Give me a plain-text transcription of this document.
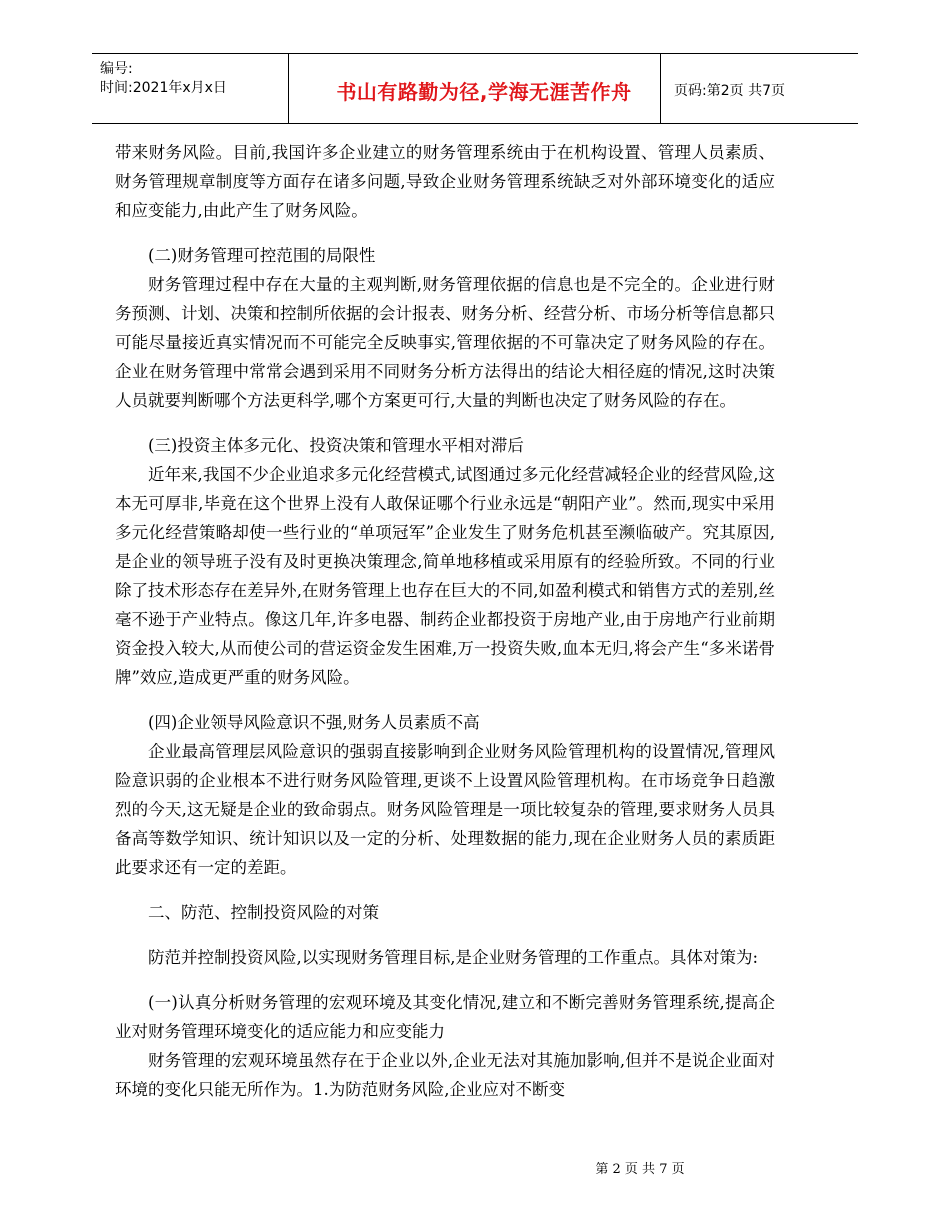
编号:
时间:2021年x月x日	书山有路勤为径,学海无涯苦作舟	页码:第2页 共7页

带来财务风险。目前,我国许多企业建立的财务管理系统由于在机构设置、管理人员素质、财务管理规章制度等方面存在诸多问题,导致企业财务管理系统缺乏对外部环境变化的适应和应变能力,由此产生了财务风险。

(二)财务管理可控范围的局限性

财务管理过程中存在大量的主观判断,财务管理依据的信息也是不完全的。企业进行财务预测、计划、决策和控制所依据的会计报表、财务分析、经营分析、市场分析等信息都只可能尽量接近真实情况而不可能完全反映事实,管理依据的不可靠决定了财务风险的存在。企业在财务管理中常常会遇到采用不同财务分析方法得出的结论大相径庭的情况,这时决策人员就要判断哪个方法更科学,哪个方案更可行,大量的判断也决定了财务风险的存在。

(三)投资主体多元化、投资决策和管理水平相对滞后

近年来,我国不少企业追求多元化经营模式,试图通过多元化经营减轻企业的经营风险,这本无可厚非,毕竟在这个世界上没有人敢保证哪个行业永远是“朝阳产业”。然而,现实中采用多元化经营策略却使一些行业的“单项冠军”企业发生了财务危机甚至濒临破产。究其原因,是企业的领导班子没有及时更换决策理念,简单地移植或采用原有的经验所致。不同的行业除了技术形态存在差异外,在财务管理上也存在巨大的不同,如盈利模式和销售方式的差别,丝毫不逊于产业特点。像这几年,许多电器、制药企业都投资于房地产业,由于房地产行业前期资金投入较大,从而使公司的营运资金发生困难,万一投资失败,血本无归,将会产生“多米诺骨牌”效应,造成更严重的财务风险。

(四)企业领导风险意识不强,财务人员素质不高

企业最高管理层风险意识的强弱直接影响到企业财务风险管理机构的设置情况,管理风险意识弱的企业根本不进行财务风险管理,更谈不上设置风险管理机构。在市场竞争日趋激烈的今天,这无疑是企业的致命弱点。财务风险管理是一项比较复杂的管理,要求财务人员具备高等数学知识、统计知识以及一定的分析、处理数据的能力,现在企业财务人员的素质距此要求还有一定的差距。

二、防范、控制投资风险的对策

防范并控制投资风险,以实现财务管理目标,是企业财务管理的工作重点。具体对策为:

(一)认真分析财务管理的宏观环境及其变化情况,建立和不断完善财务管理系统,提高企业对财务管理环境变化的适应能力和应变能力

财务管理的宏观环境虽然存在于企业以外,企业无法对其施加影响,但并不是说企业面对环境的变化只能无所作为。1.为防范财务风险,企业应对不断变

第 2 页 共 7 页
